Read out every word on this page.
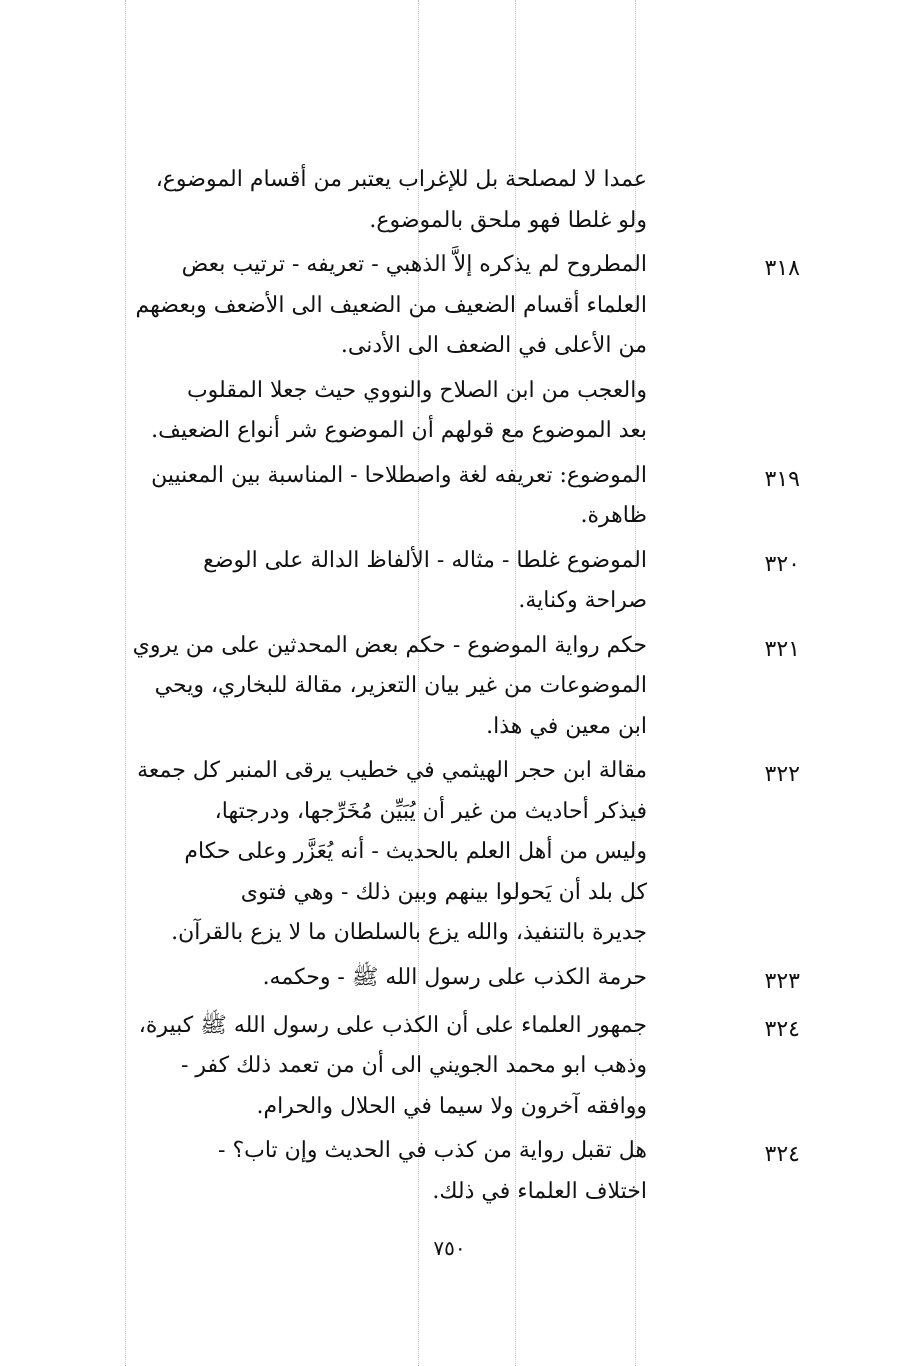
عمدا لا لمصلحة بل للإغراب يعتبر من أقسام الموضوع،
ولو غلطا فهو ملحق بالموضوع.
٣١٨
المطروح لم يذكره إلاَّ الذهبي - تعريفه - ترتيب بعض
العلماء أقسام الضعيف من الضعيف الى الأضعف وبعضهم
من الأعلى في الضعف الى الأدنى.
والعجب من ابن الصلاح والنووي حيث جعلا المقلوب
بعد الموضوع مع قولهم أن الموضوع شر أنواع الضعيف.
٣١٩
الموضوع: تعريفه لغة واصطلاحا - المناسبة بين المعنيين
ظاهرة.
٣٢٠
الموضوع غلطا - مثاله - الألفاظ الدالة على الوضع
صراحة وكناية.
٣٢١
حكم رواية الموضوع - حكم بعض المحدثين على من يروي
الموضوعات من غير بيان التعزير، مقالة للبخاري، ويحي
ابن معين في هذا.
٣٢٢
مقالة ابن حجر الهيثمي في خطيب يرقى المنبر كل جمعة
فيذكر أحاديث من غير أن يُبَيِّن مُخَرِّجها، ودرجتها،
وليس من أهل العلم بالحديث - أنه يُعَزَّر وعلى حكام
كل بلد أن يَحولوا بينهم وبين ذلك - وهي فتوى
جديرة بالتنفيذ، والله يزع بالسلطان ما لا يزع بالقرآن.
٣٢٣
حرمة الكذب على رسول الله ﷺ - وحكمه.
٣٢٤
جمهور العلماء على أن الكذب على رسول الله ﷺ كبيرة،
وذهب ابو محمد الجويني الى أن من تعمد ذلك كفر -
ووافقه آخرون ولا سيما في الحلال والحرام.
٣٢٤
هل تقبل رواية من كذب في الحديث وإن تاب؟ -
اختلاف العلماء في ذلك.
٧٥٠
